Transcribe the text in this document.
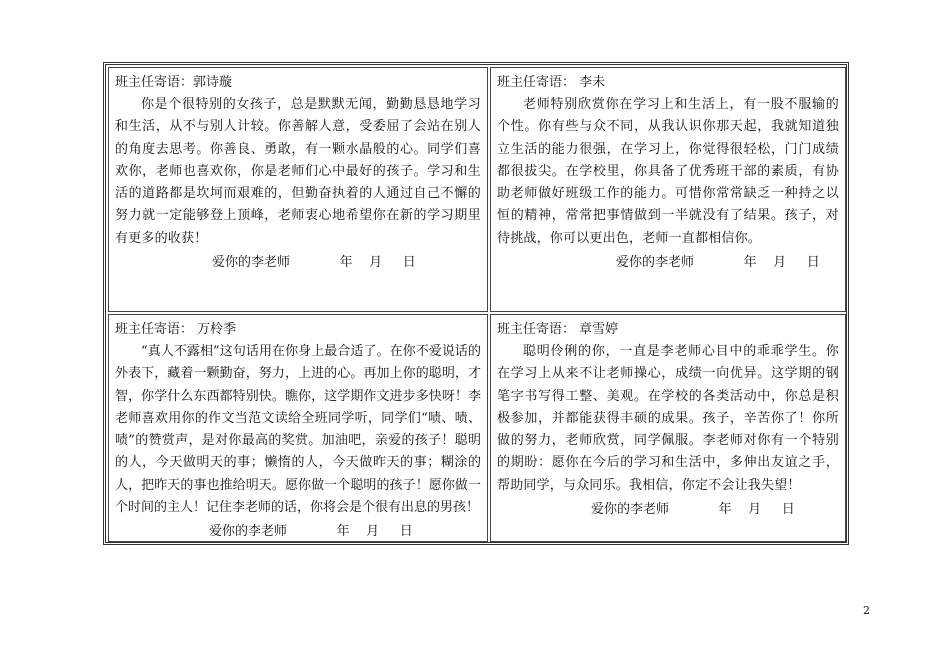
班主任寄语：郭诗璇
你是个很特别的女孩子，总是默默无闻，勤勤恳恳地学习和生活，从不与别人计较。你善解人意，受委屈了会站在别人的角度去思考。你善良、勇敢，有一颗水晶般的心。同学们喜欢你，老师也喜欢你，你是老师们心中最好的孩子。学习和生活的道路都是坎坷而艰难的，但勤奋执着的人通过自己不懈的努力就一定能够登上顶峰，老师衷心地希望你在新的学习期里有更多的收获！
爱你的李老师            年    月     日
班主任寄语： 李未
老师特别欣赏你在学习上和生活上，有一股不服输的个性。你有些与众不同，从我认识你那天起，我就知道独立生活的能力很强，在学习上，你觉得很轻松，门门成绩都很拔尖。在学校里，你具备了优秀班干部的素质，有协助老师做好班级工作的能力。可惜你常常缺乏一种持之以恒的精神，常常把事情做到一半就没有了结果。孩子，对待挑战，你可以更出色，老师一直都相信你。
爱你的李老师            年    月     日
班主任寄语： 万柃季
“真人不露相”这句话用在你身上最合适了。在你不爱说话的外表下，藏着一颗勤奋，努力，上进的心。再加上你的聪明，才智，你学什么东西都特别快。瞧你，这学期作文进步多快呀！李老师喜欢用你的作文当范文读给全班同学听，同学们“啧、啧、啧”的赞赏声，是对你最高的奖赏。加油吧，亲爱的孩子！聪明的人，今天做明天的事；懒惰的人，今天做昨天的事；糊涂的人，把昨天的事也推给明天。愿你做一个聪明的孩子！愿你做一个时间的主人！记住李老师的话，你将会是个很有出息的男孩！
爱你的李老师            年    月     日
班主任寄语： 章雪婷
聪明伶俐的你，一直是李老师心目中的乖乖学生。你在学习上从来不让老师操心，成绩一向优异。这学期的钢笔字书写得工整、美观。在学校的各类活动中，你总是积极参加，并都能获得丰硕的成果。孩子，辛苦你了！你所做的努力，老师欣赏，同学佩服。李老师对你有一个特别的期盼：愿你在今后的学习和生活中，多伸出友谊之手，帮助同学，与众同乐。我相信，你定不会让我失望！
爱你的李老师            年    月     日
2
